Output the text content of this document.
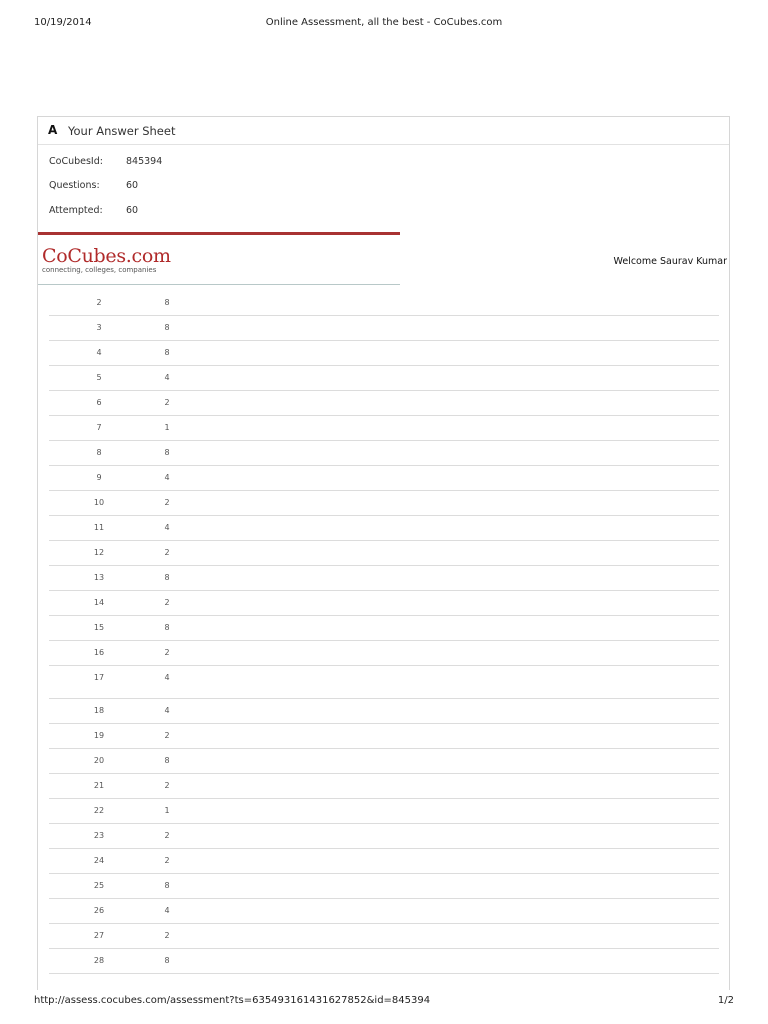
10/19/2014	Online Assessment, all the best - CoCubes.com
A Your Answer Sheet
CoCubesId:	845394
Questions:	60
Attempted:	60
CoCubes.com
connecting, colleges, companies
Welcome Saurav Kumar
2	8
3	8
4	8
5	4
6	2
7	1
8	8
9	4
10	2
11	4
12	2
13	8
14	2
15	8
16	2
17	4
18	4
19	2
20	8
21	2
22	1
23	2
24	2
25	8
26	4
27	2
28	8
http://assess.cocubes.com/assessment?ts=635493161431627852&id=845394	1/2
